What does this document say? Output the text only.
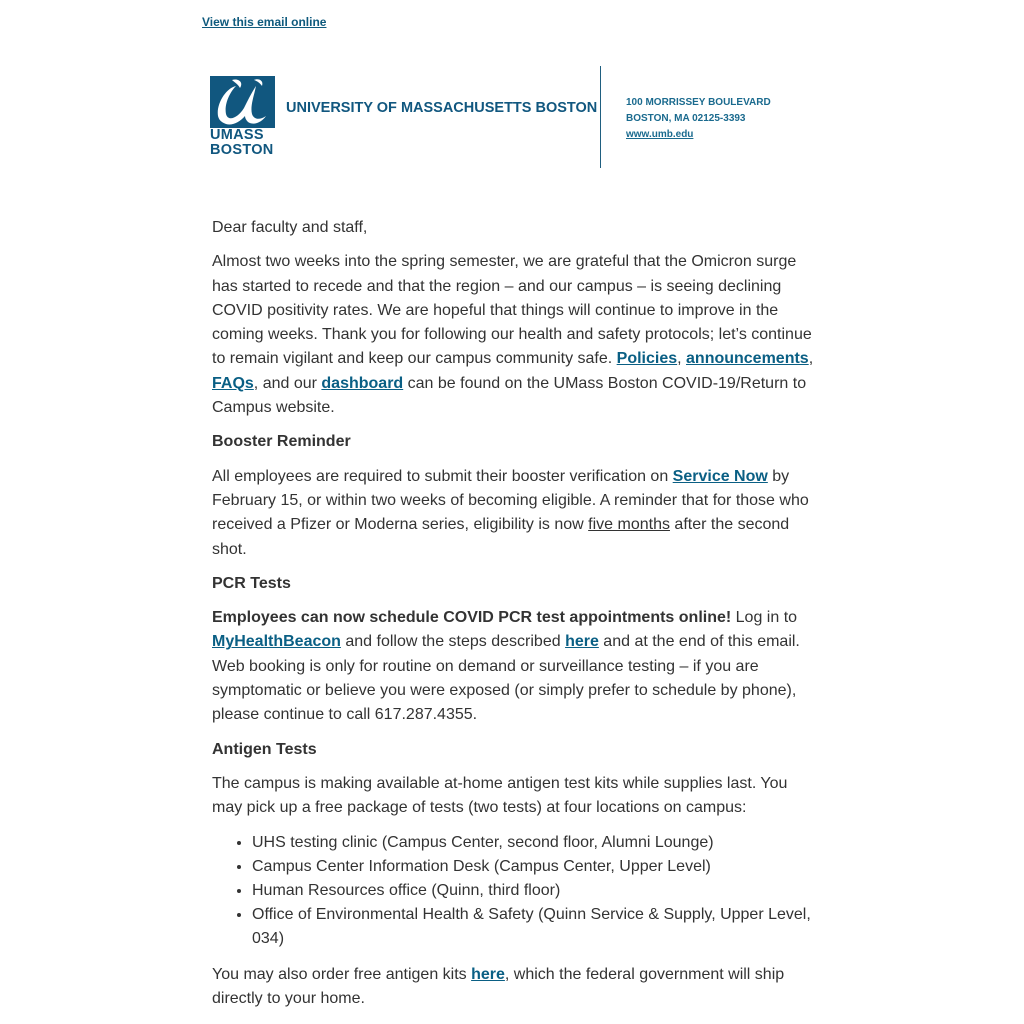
View this email online
UMASS
BOSTON
UNIVERSITY OF MASSACHUSETTS BOSTON	100 MORRISSEY BOULEVARD
BOSTON, MA 02125-3393
www.umb.edu

Dear faculty and staff,

Almost two weeks into the spring semester, we are grateful that the Omicron surge has started to recede and that the region – and our campus – is seeing declining COVID positivity rates. We are hopeful that things will continue to improve in the coming weeks. Thank you for following our health and safety protocols; let’s continue to remain vigilant and keep our campus community safe. Policies, announcements, FAQs, and our dashboard can be found on the UMass Boston COVID-19/Return to Campus website.

Booster Reminder

All employees are required to submit their booster verification on Service Now by February 15, or within two weeks of becoming eligible. A reminder that for those who received a Pfizer or Moderna series, eligibility is now five months after the second shot.

PCR Tests

Employees can now schedule COVID PCR test appointments online! Log in to MyHealthBeacon and follow the steps described here and at the end of this email. Web booking is only for routine on demand or surveillance testing – if you are symptomatic or believe you were exposed (or simply prefer to schedule by phone), please continue to call 617.287.4355.

Antigen Tests

The campus is making available at-home antigen test kits while supplies last. You may pick up a free package of tests (two tests) at four locations on campus:

• UHS testing clinic (Campus Center, second floor, Alumni Lounge)
• Campus Center Information Desk (Campus Center, Upper Level)
• Human Resources office (Quinn, third floor)
• Office of Environmental Health & Safety (Quinn Service & Supply, Upper Level, 034)

You may also order free antigen kits here, which the federal government will ship directly to your home.
